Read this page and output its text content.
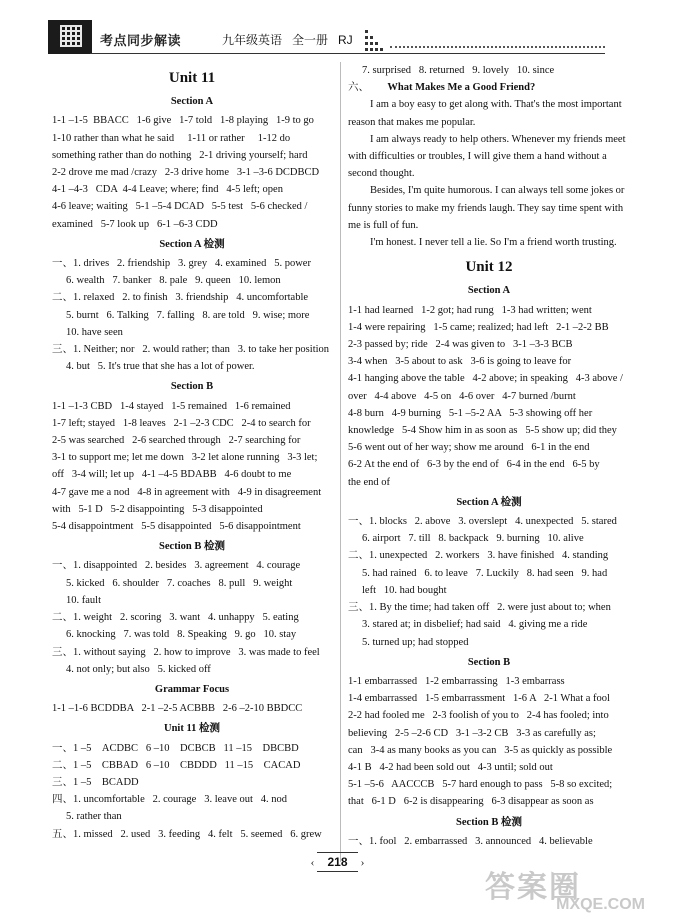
考点同步解读	九年级英语   全一册   RJ
Unit 11
Section A
1-1 –1-5  BBACC   1-6 give   1-7 told   1-8 playing   1-9 to go
1-10 rather than what he said     1-11 or rather     1-12 do
something rather than do nothing   2-1 driving yourself; hard
2-2 drove me mad /crazy   2-3 drive home   3-1 –3-6 DCDBCD
4-1 –4-3   CDA  4-4 Leave; where; find   4-5 left; open
4-6 leave; waiting   5-1 –5-4 DCAD   5-5 test   5-6 checked /
examined   5-7 look up   6-1 –6-3 CDD
Section A 检测
一、1. drives   2. friendship   3. grey   4. examined   5. power
6. wealth   7. banker   8. pale   9. queen   10. lemon
二、1. relaxed   2. to finish   3. friendship   4. uncomfortable
5. burnt   6. Talking   7. falling   8. are told   9. wise; more
10. have seen
三、1. Neither; nor   2. would rather; than   3. to take her position
4. but   5. It's true that she has a lot of power.
Section B
1-1 –1-3 CBD   1-4 stayed   1-5 remained   1-6 remained
1-7 left; stayed   1-8 leaves   2-1 –2-3 CDC   2-4 to search for
2-5 was searched   2-6 searched through   2-7 searching for
3-1 to support me; let me down   3-2 let alone running   3-3 let;
off   3-4 will; let up   4-1 –4-5 BDABB   4-6 doubt to me
4-7 gave me a nod   4-8 in agreement with   4-9 in disagreement
with   5-1 D   5-2 disappointing   5-3 disappointed
5-4 disappointment   5-5 disappointed   5-6 disappointment
Section B 检测
一、1. disappointed   2. besides   3. agreement   4. courage
5. kicked   6. shoulder   7. coaches   8. pull   9. weight
10. fault
二、1. weight   2. scoring   3. want   4. unhappy   5. eating
6. knocking   7. was told   8. Speaking   9. go   10. stay
三、1. without saying   2. how to improve   3. was made to feel
4. not only; but also   5. kicked off
Grammar Focus
1-1 –1-6 BCDDBA   2-1 –2-5 ACBBB   2-6 –2-10 BBDCC
Unit 11 检测
一、1 –5    ACDBC   6 –10    DCBCB   11 –15    DBCBD
二、1 –5    CBBAD   6 –10    CBDDD   11 –15    CACAD
三、1 –5    BCADD
四、1. uncomfortable   2. courage   3. leave out   4. nod
5. rather than
五、1. missed   2. used   3. feeding   4. felt   5. seemed   6. grew
7. surprised   8. returned   9. lovely   10. since
六、 What Makes Me a Good Friend?
I am a boy easy to get along with. That's the most important reason that makes me popular.
I am always ready to help others. Whenever my friends meet with difficulties or troubles, I will give them a hand without a second thought.
Besides, I'm quite humorous. I can always tell some jokes or funny stories to make my friends laugh. They say time spent with me is full of fun.
I'm honest. I never tell a lie. So I'm a friend worth trusting.
Unit 12
Section A
1-1 had learned   1-2 got; had rung   1-3 had written; went
1-4 were repairing   1-5 came; realized; had left   2-1 –2-2 BB
2-3 passed by; ride   2-4 was given to   3-1 –3-3 BCB
3-4 when   3-5 about to ask   3-6 is going to leave for
4-1 hanging above the table   4-2 above; in speaking   4-3 above /
over   4-4 above   4-5 on   4-6 over   4-7 burned /burnt
4-8 burn   4-9 burning   5-1 –5-2 AA   5-3 showing off her
knowledge   5-4 Show him in as soon as   5-5 show up; did they
5-6 went out of her way; show me around   6-1 in the end
6-2 At the end of   6-3 by the end of   6-4 in the end   6-5 by
the end of
Section A 检测
一、1. blocks   2. above   3. overslept   4. unexpected   5. stared
6. airport   7. till   8. backpack   9. burning   10. alive
二、1. unexpected   2. workers   3. have finished   4. standing
5. had rained   6. to leave   7. Luckily   8. had seen   9. had
left   10. had bought
三、1. By the time; had taken off   2. were just about to; when
3. stared at; in disbelief; had said   4. giving me a ride
5. turned up; had stopped
Section B
1-1 embarrassed   1-2 embarrassing   1-3 embarrass
1-4 embarrassed   1-5 embarrassment   1-6 A   2-1 What a fool
2-2 had fooled me   2-3 foolish of you to   2-4 has fooled; into
believing   2-5 –2-6 CD   3-1 –3-2 CB   3-3 as carefully as;
can   3-4 as many books as you can   3-5 as quickly as possible
4-1 B   4-2 had been sold out   4-3 until; sold out
5-1 –5-6   AACCCB   5-7 hard enough to pass   5-8 so excited;
that   6-1 D   6-2 is disappearing   6-3 disappear as soon as
Section B 检测
一、1. fool   2. embarrassed   3. announced   4. believable
‹ 218 ›
答案圈
MXQE.COM
